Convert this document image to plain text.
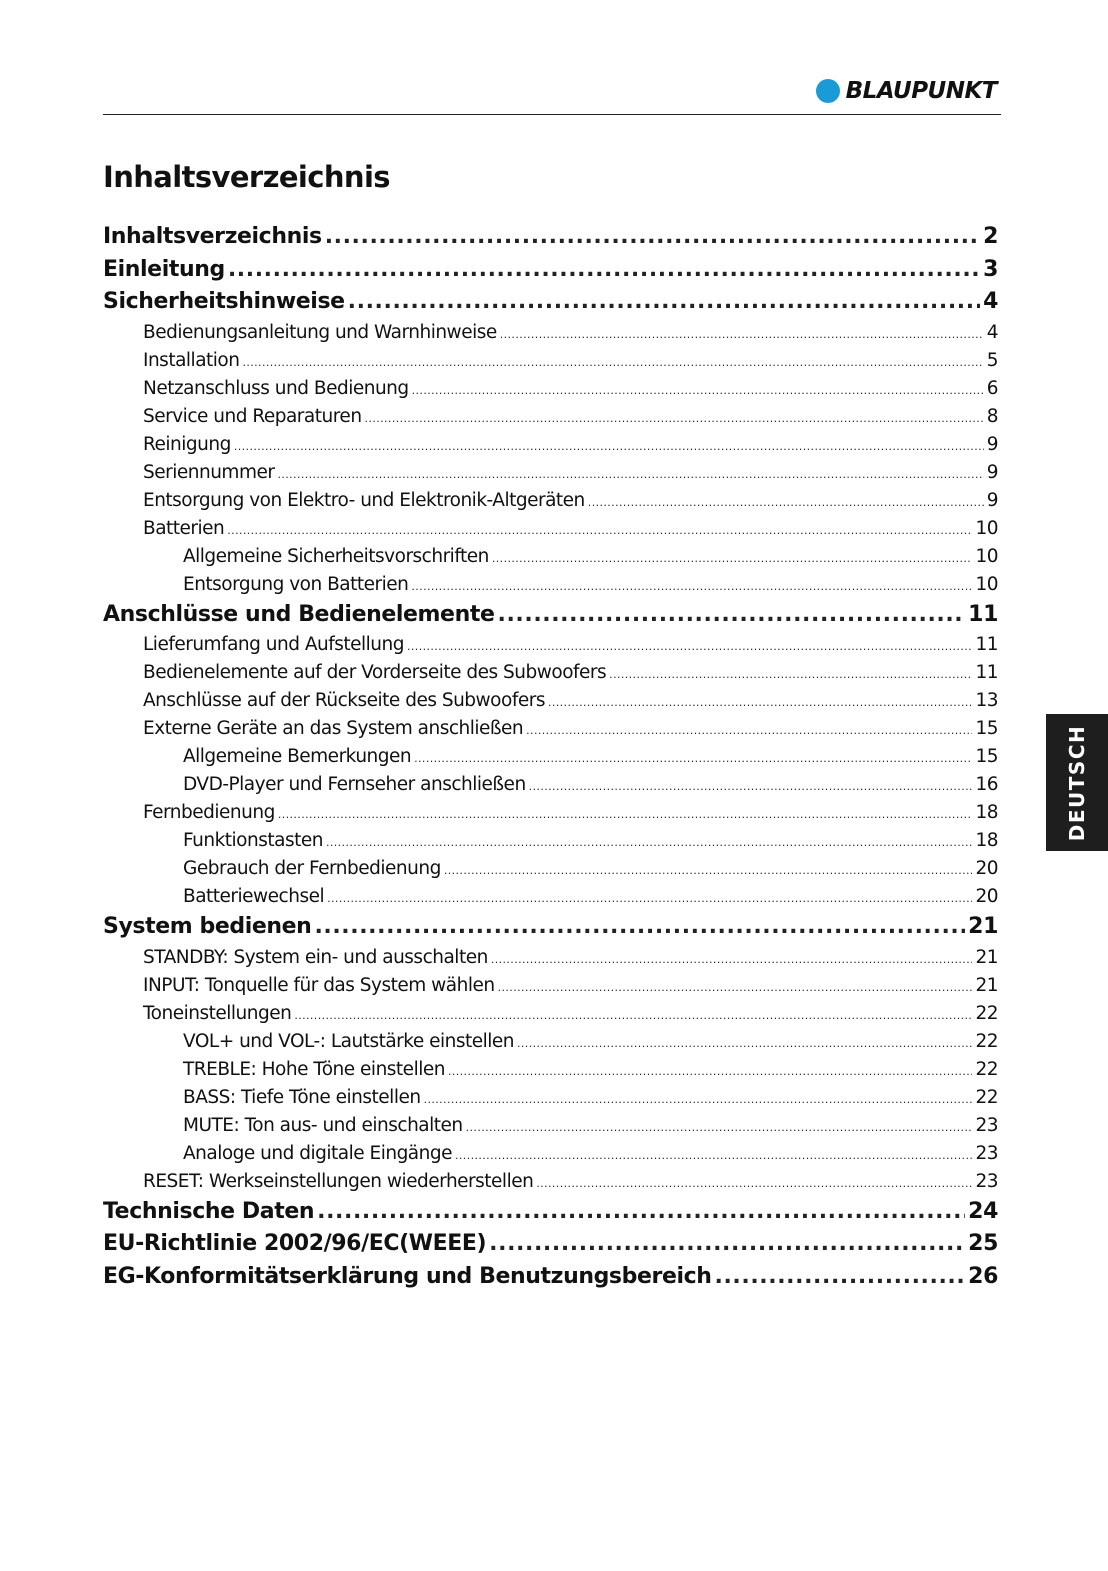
BLAUPUNKT
Inhaltsverzeichnis
Inhaltsverzeichnis .....	2
Einleitung .....	3
Sicherheitshinweise .....	4
Bedienungsanleitung und Warnhinweise .....	4
Installation .....	5
Netzanschluss und Bedienung .....	6
Service und Reparaturen .....	8
Reinigung .....	9
Seriennummer .....	9
Entsorgung von Elektro- und Elektronik-Altgeräten .....	9
Batterien .....	10
Allgemeine Sicherheitsvorschriften .....	10
Entsorgung von Batterien .....	10
Anschlüsse und Bedienelemente .....	11
Lieferumfang und Aufstellung .....	11
Bedienelemente auf der Vorderseite des Subwoofers .....	11
Anschlüsse auf der Rückseite des Subwoofers .....	13
Externe Geräte an das System anschließen .....	15
Allgemeine Bemerkungen .....	15
DVD-Player und Fernseher anschließen .....	16
Fernbedienung .....	18
Funktionstasten .....	18
Gebrauch der Fernbedienung .....	20
Batteriewechsel .....	20
System bedienen .....	21
STANDBY: System ein- und ausschalten .....	21
INPUT: Tonquelle für das System wählen .....	21
Toneinstellungen .....	22
VOL+ und VOL-: Lautstärke einstellen .....	22
TREBLE: Hohe Töne einstellen .....	22
BASS: Tiefe Töne einstellen .....	22
MUTE: Ton aus- und einschalten .....	23
Analoge und digitale Eingänge .....	23
RESET: Werkseinstellungen wiederherstellen .....	23
Technische Daten .....	24
EU-Richtlinie 2002/96/EC(WEEE) .....	25
EG-Konformitätserklärung und Benutzungsbereich .....	26
DEUTSCH
